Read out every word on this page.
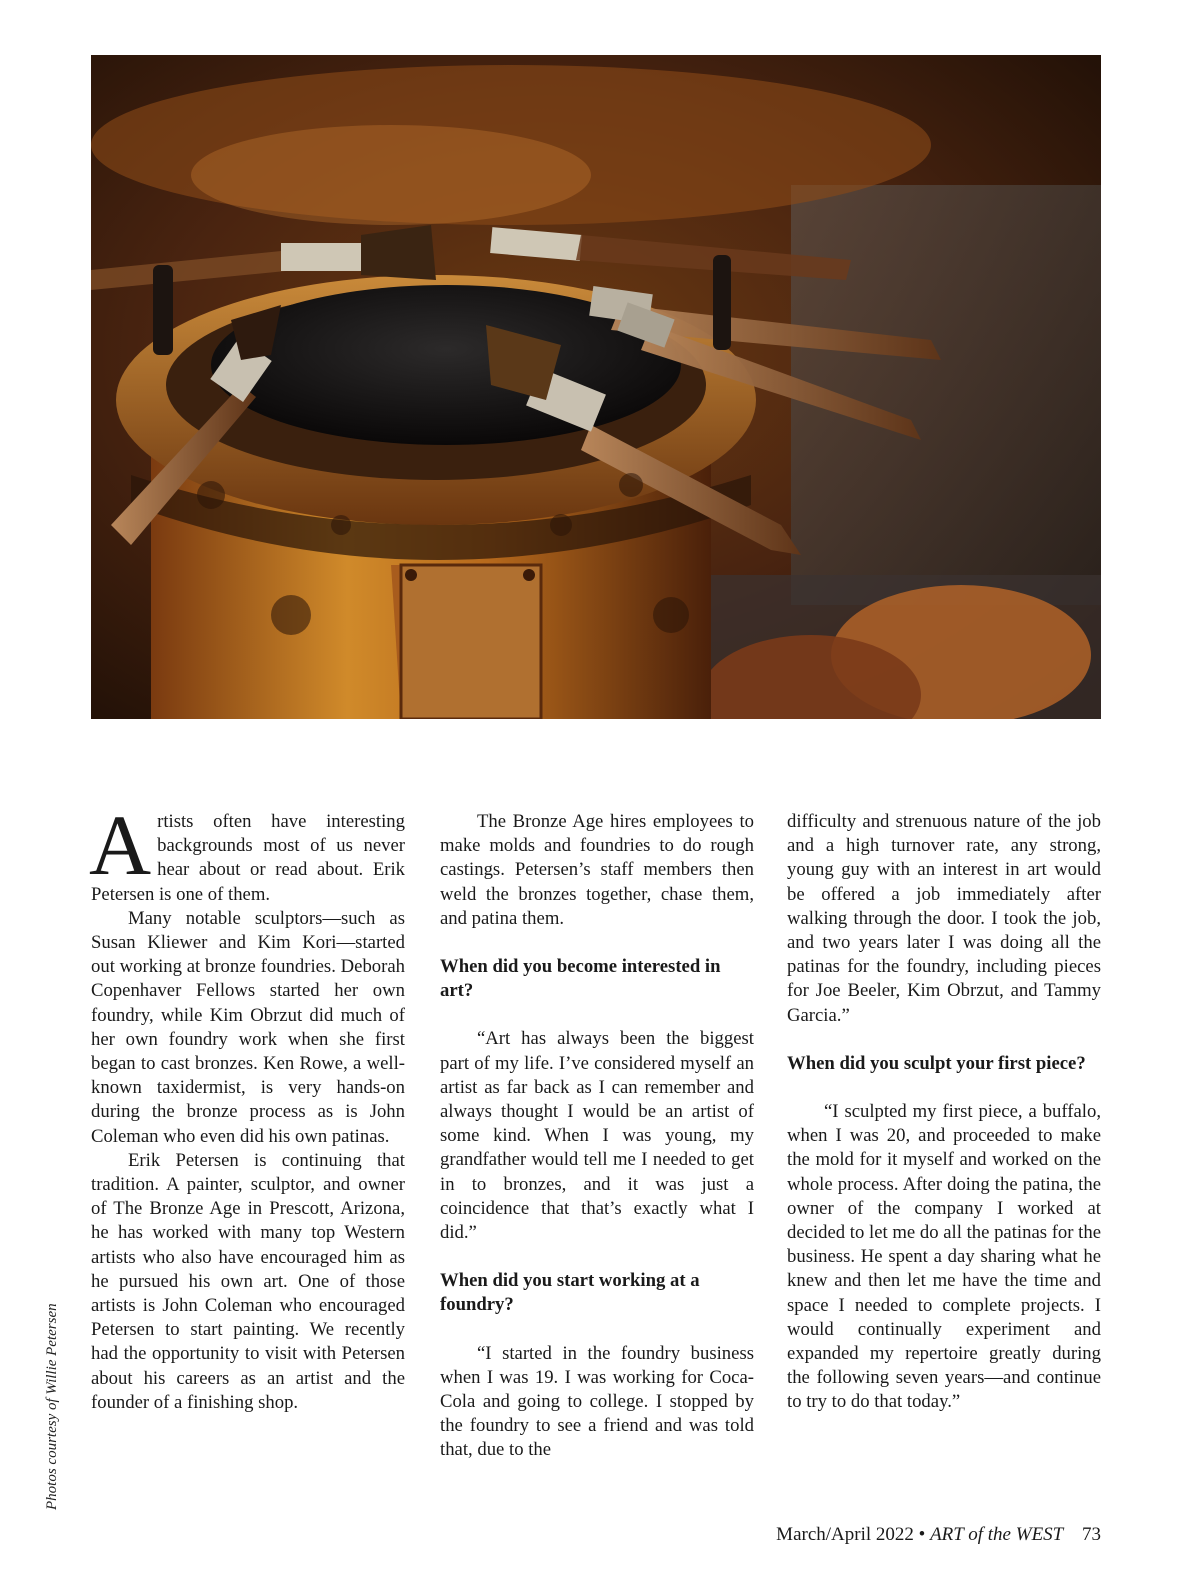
Photos courtesy of Willie Petersen

Artists often have interesting backgrounds most of us never hear about or read about. Erik Petersen is one of them.

Many notable sculptors—such as Susan Kliewer and Kim Kori—started out working at bronze foundries. Deborah Copenhaver Fellows started her own foundry, while Kim Obrzut did much of her own foundry work when she first began to cast bronzes. Ken Rowe, a well-known taxidermist, is very hands-on during the bronze process as is John Coleman who even did his own patinas.

Erik Petersen is continuing that tradition. A painter, sculptor, and owner of The Bronze Age in Prescott, Arizona, he has worked with many top Western artists who also have encouraged him as he pursued his own art. One of those artists is John Coleman who encouraged Petersen to start painting. We recently had the opportunity to visit with Petersen about his careers as an artist and the founder of a finishing shop.

The Bronze Age hires employees to make molds and foundries to do rough castings. Petersen’s staff members then weld the bronzes together, chase them, and patina them.

When did you become interested in art?

“Art has always been the biggest part of my life. I’ve considered myself an artist as far back as I can remember and always thought I would be an artist of some kind. When I was young, my grandfather would tell me I needed to get in to bronzes, and it was just a coincidence that that’s exactly what I did.”

When did you start working at a foundry?

“I started in the foundry business when I was 19. I was working for Coca-Cola and going to college. I stopped by the foundry to see a friend and was told that, due to the

difficulty and strenuous nature of the job and a high turnover rate, any strong, young guy with an interest in art would be offered a job immediately after walking through the door. I took the job, and two years later I was doing all the patinas for the foundry, including pieces for Joe Beeler, Kim Obrzut, and Tammy Garcia.”

When did you sculpt your first piece?

“I sculpted my first piece, a buffalo, when I was 20, and proceeded to make the mold for it myself and worked on the whole process. After doing the patina, the owner of the company I worked at decided to let me do all the patinas for the business. He spent a day sharing what he knew and then let me have the time and space I needed to complete projects. I would continually experiment and expanded my repertoire greatly during the following seven years—and continue to try to do that today.”

March/April 2022 • ART of the WEST 73
